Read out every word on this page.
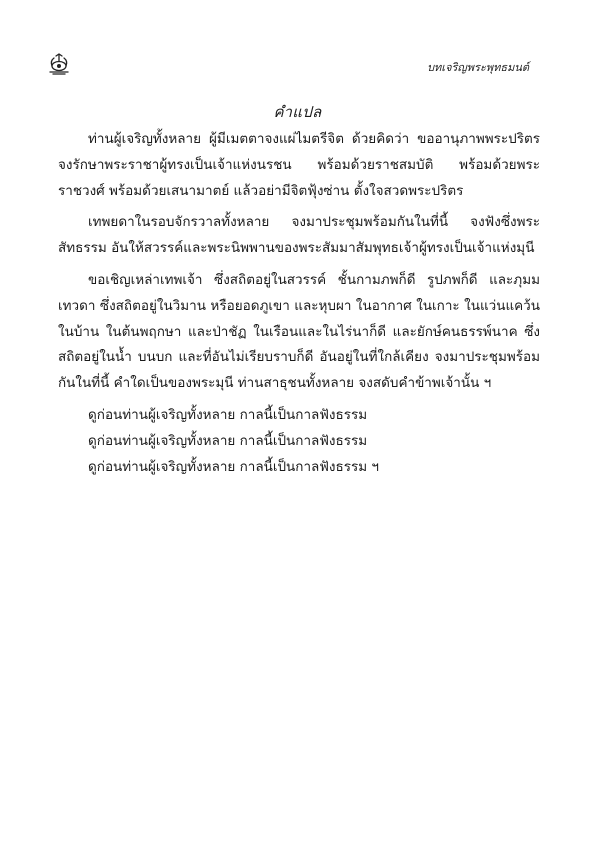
บทเจริญพระพุทธมนต์
คำแปล

ท่านผู้เจริญทั้งหลาย ผู้มีเมตตาจงแผ่ไมตรีจิต ด้วยคิดว่า ขออานุภาพพระปริตร จงรักษาพระราชาผู้ทรงเป็นเจ้าแห่งนรชน พร้อมด้วยราชสมบัติ พร้อมด้วยพระราชวงศ์ พร้อมด้วยเสนามาตย์ แล้วอย่ามีจิตฟุ้งซ่าน ตั้งใจสวดพระปริตร

เทพยดาในรอบจักรวาลทั้งหลาย จงมาประชุมพร้อมกันในที่นี้ จงฟังซึ่งพระสัทธรรม อันให้สวรรค์และพระนิพพานของพระสัมมาสัมพุทธเจ้าผู้ทรงเป็นเจ้าแห่งมุนี

ขอเชิญเหล่าเทพเจ้า ซึ่งสถิตอยู่ในสวรรค์ ชั้นกามภพก็ดี รูปภพก็ดี และภุมมเทวดา ซึ่งสถิตอยู่ในวิมาน หรือยอดภูเขา และหุบผา ในอากาศ ในเกาะ ในแว่นแคว้น ในบ้าน ในต้นพฤกษา และป่าชัฏ ในเรือนและในไร่นาก็ดี และยักษ์คนธรรพ์นาค ซึ่งสถิตอยู่ในน้ำ บนบก และที่อันไม่เรียบราบก็ดี อันอยู่ในที่ใกล้เคียง จงมาประชุมพร้อมกันในที่นี้ คำใดเป็นของพระมุนี ท่านสาธุชนทั้งหลาย จงสดับคำข้าพเจ้านั้น ฯ

ดูก่อนท่านผู้เจริญทั้งหลาย กาลนี้เป็นกาลฟังธรรม

ดูก่อนท่านผู้เจริญทั้งหลาย กาลนี้เป็นกาลฟังธรรม

ดูก่อนท่านผู้เจริญทั้งหลาย กาลนี้เป็นกาลฟังธรรม ฯ
